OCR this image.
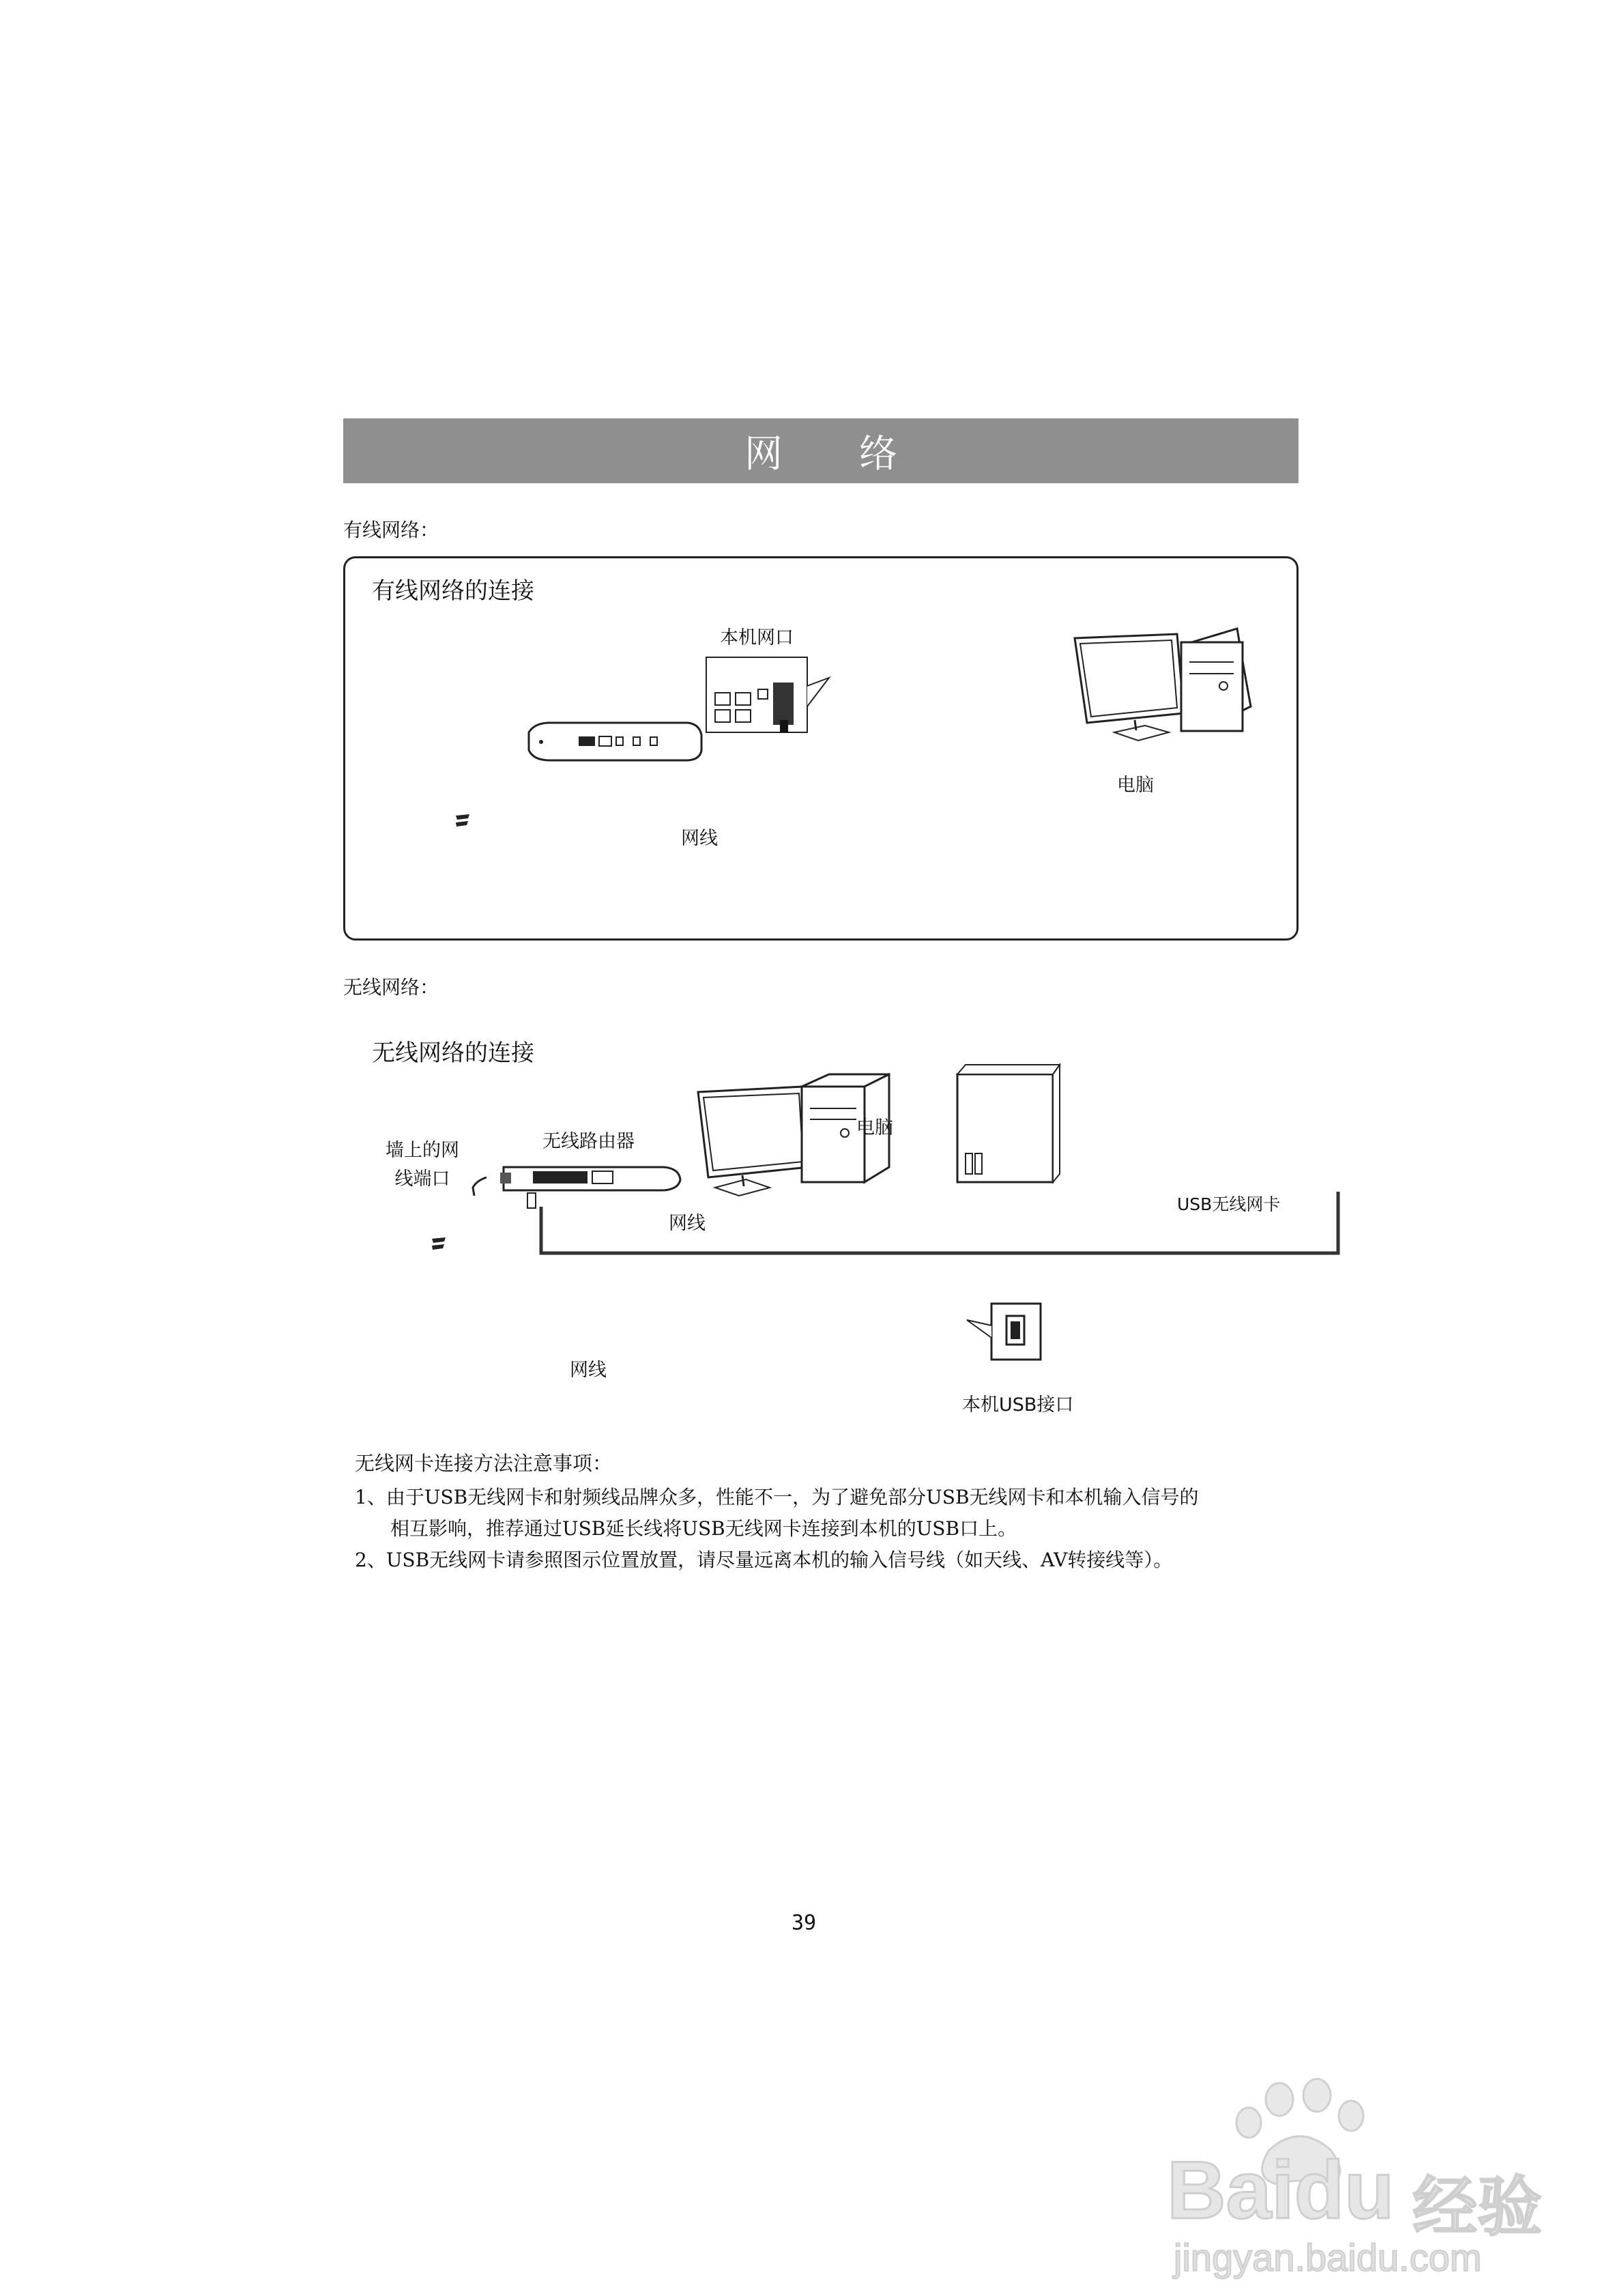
网　　络
有线网络：
有线网络的连接
本机网口
电脑
网线
无线网络：
无线网络的连接
墙上的网
线端口
无线路由器
电脑
网线
USB无线网卡
网线
本机USB接口
无线网卡连接方法注意事项：
1、由于USB无线网卡和射频线品牌众多，性能不一，为了避免部分USB无线网卡和本机输入信号的
相互影响，推荐通过USB延长线将USB无线网卡连接到本机的USB口上。
2、USB无线网卡请参照图示位置放置，请尽量远离本机的输入信号线（如天线、AV转接线等）。
39
Baidu 经验
jingyan.baidu.com
